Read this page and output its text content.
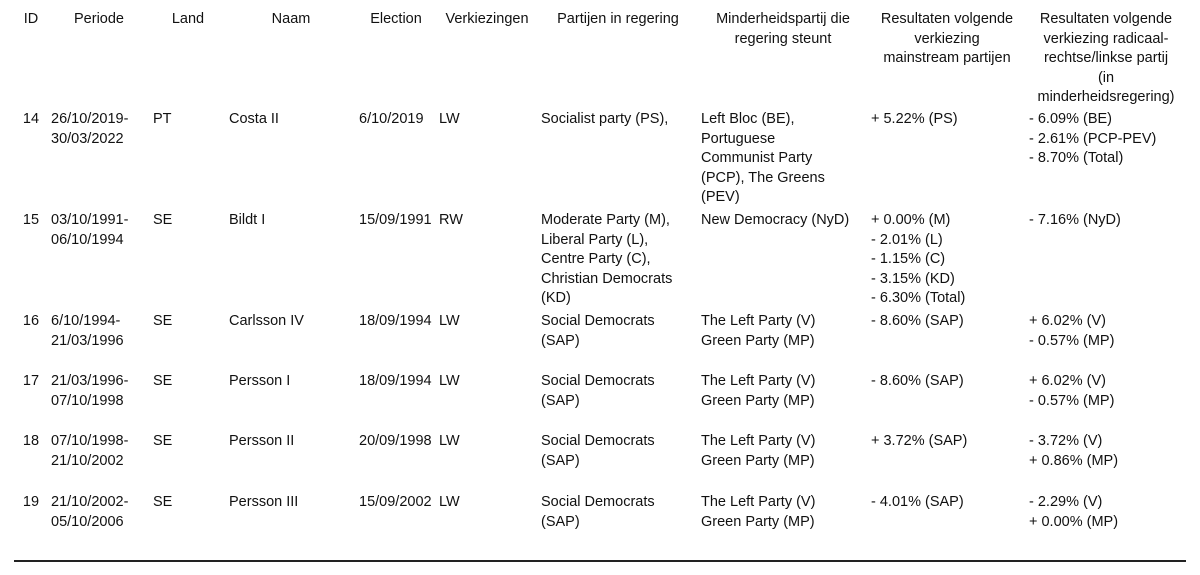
ID	Periode	Land	Naam	Election	Verkiezingen	Partijen in regering	Minderheidspartij die
regering steunt	Resultaten volgende
verkiezing
mainstream partijen	Resultaten volgende
verkiezing radicaal-
rechtse/linkse partij
(in
minderheidsregering)

14	26/10/2019-
30/03/2022	PT	Costa II	6/10/2019	LW	Socialist party (PS),	Left Bloc (BE),
Portuguese
Communist Party
(PCP), The Greens
(PEV)	+ 5.22% (PS)	- 6.09% (BE)
- 2.61% (PCP-PEV)
- 8.70% (Total)

15	03/10/1991-
06/10/1994	SE	Bildt I	15/09/1991	RW	Moderate Party (M),
Liberal Party (L),
Centre Party (C),
Christian Democrats
(KD)	New Democracy (NyD)	+ 0.00% (M)
- 2.01% (L)
- 1.15% (C)
- 3.15% (KD)
- 6.30% (Total)	- 7.16% (NyD)

16	6/10/1994-
21/03/1996	SE	Carlsson IV	18/09/1994	LW	Social Democrats
(SAP)	The Left Party (V)
Green Party (MP)	- 8.60% (SAP)	+ 6.02% (V)
- 0.57% (MP)

17	21/03/1996-
07/10/1998	SE	Persson I	18/09/1994	LW	Social Democrats
(SAP)	The Left Party (V)
Green Party (MP)	- 8.60% (SAP)	+ 6.02% (V)
- 0.57% (MP)

18	07/10/1998-
21/10/2002	SE	Persson II	20/09/1998	LW	Social Democrats
(SAP)	The Left Party (V)
Green Party (MP)	+ 3.72% (SAP)	- 3.72% (V)
+ 0.86% (MP)

19	21/10/2002-
05/10/2006	SE	Persson III	15/09/2002	LW	Social Democrats
(SAP)	The Left Party (V)
Green Party (MP)	- 4.01% (SAP)	- 2.29% (V)
+ 0.00% (MP)
